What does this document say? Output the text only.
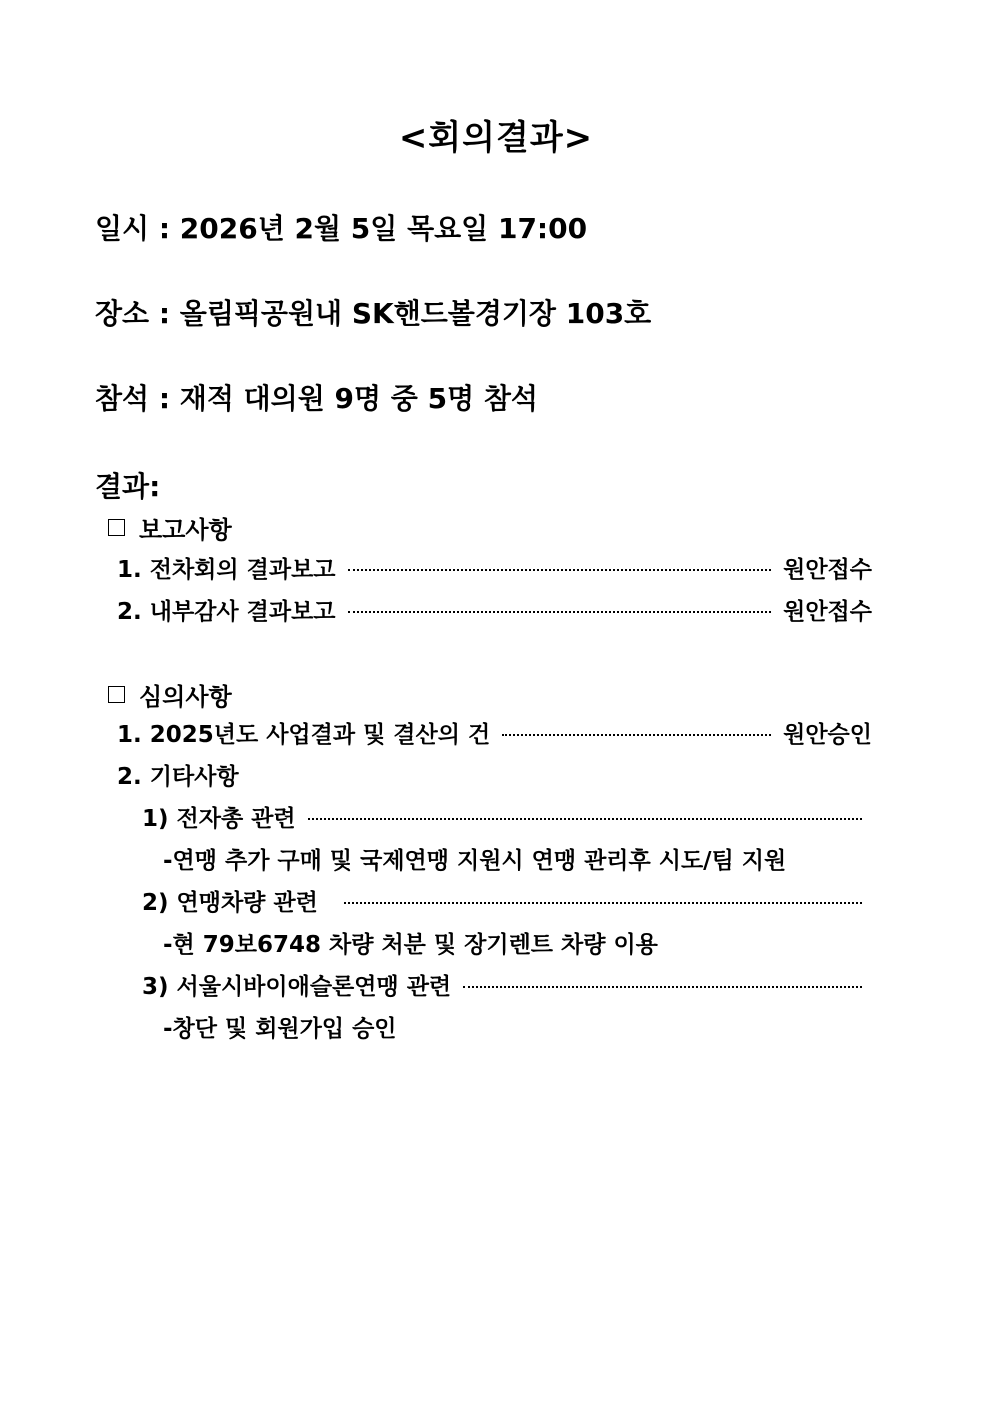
<회의결과>
일시 : 2026년 2월 5일 목요일 17:00
장소 : 올림픽공원내 SK핸드볼경기장 103호
참석 : 재적 대의원 9명 중 5명 참석
결과:
보고사항
1. 전차회의 결과보고	원안접수
2. 내부감사 결과보고	원안접수
심의사항
1. 2025년도 사업결과 및 결산의 건	원안승인
2. 기타사항
1) 전자총 관련
-연맹 추가 구매 및 국제연맹 지원시 연맹 관리후 시도/팀 지원
2) 연맹차량 관련
-현 79보6748 차량 처분 및 장기렌트 차량 이용
3) 서울시바이애슬론연맹 관련
-창단 및 회원가입 승인
